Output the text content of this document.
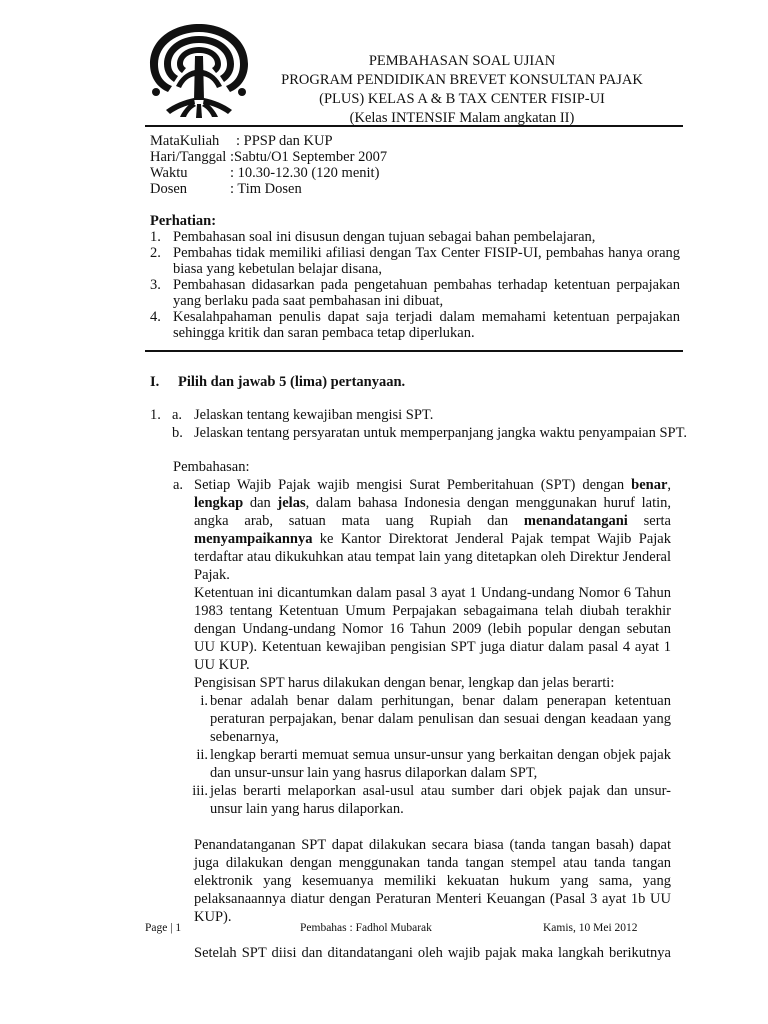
PEMBAHASAN SOAL UJIAN
PROGRAM PENDIDIKAN BREVET KONSULTAN PAJAK
(PLUS) KELAS A & B TAX CENTER FISIP-UI
(Kelas INTENSIF Malam angkatan II)
MataKuliah : PPSP dan KUP
Hari/Tanggal :Sabtu/O1 September 2007
Waktu	: 10.30-12.30 (120 menit)
Dosen	: Tim Dosen
Perhatian:
1. Pembahasan soal ini disusun dengan tujuan sebagai bahan pembelajaran,
2. Pembahas tidak memiliki afiliasi dengan Tax Center FISIP-UI, pembahas hanya orang biasa yang kebetulan belajar disana,
3. Pembahasan didasarkan pada pengetahuan pembahas terhadap ketentuan perpajakan yang berlaku pada saat pembahasan ini dibuat,
4. Kesalahpahaman penulis dapat saja terjadi dalam memahami ketentuan perpajakan sehingga kritik dan saran pembaca tetap diperlukan.
I. Pilih dan jawab 5 (lima) pertanyaan.
1. a. Jelaskan tentang kewajiban mengisi SPT.
b. Jelaskan tentang persyaratan untuk memperpanjang jangka waktu penyampaian SPT.
Pembahasan:
a. Setiap Wajib Pajak wajib mengisi Surat Pemberitahuan (SPT) dengan benar, lengkap dan jelas, dalam bahasa Indonesia dengan menggunakan huruf latin, angka arab, satuan mata uang Rupiah dan menandatangani serta menyampaikannya ke Kantor Direktorat Jenderal Pajak tempat Wajib Pajak terdaftar atau dikukuhkan atau tempat lain yang ditetapkan oleh Direktur Jenderal Pajak.

Ketentuan ini dicantumkan dalam pasal 3 ayat 1 Undang-undang Nomor 6 Tahun 1983 tentang Ketentuan Umum Perpajakan sebagaimana telah diubah terakhir dengan Undang-undang Nomor 16 Tahun 2009 (lebih popular dengan sebutan UU KUP). Ketentuan kewajiban pengisian SPT juga diatur dalam pasal 4 ayat 1 UU KUP.

Pengisisan SPT harus dilakukan dengan benar, lengkap dan jelas berarti:

i. benar adalah benar dalam perhitungan, benar dalam penerapan ketentuan peraturan perpajakan, benar dalam penulisan dan sesuai dengan keadaan yang sebenarnya,
ii. lengkap berarti memuat semua unsur-unsur yang berkaitan dengan objek pajak dan unsur-unsur lain yang hasrus dilaporkan dalam SPT,
iii. jelas berarti melaporkan asal-usul atau sumber dari objek pajak dan unsur-unsur lain yang harus dilaporkan.

Penandatanganan SPT dapat dilakukan secara biasa (tanda tangan basah) dapat juga dilakukan dengan menggunakan tanda tangan stempel atau tanda tangan elektronik yang kesemuanya memiliki kekuatan hukum yang sama, yang pelaksanaannya diatur dengan Peraturan Menteri Keuangan (Pasal 3 ayat 1b UU KUP).

Setelah SPT diisi dan ditandatangani oleh wajib pajak maka langkah berikutnya

Page | 1	Pembahas : Fadhol Mubarak	Kamis, 10 Mei 2012
